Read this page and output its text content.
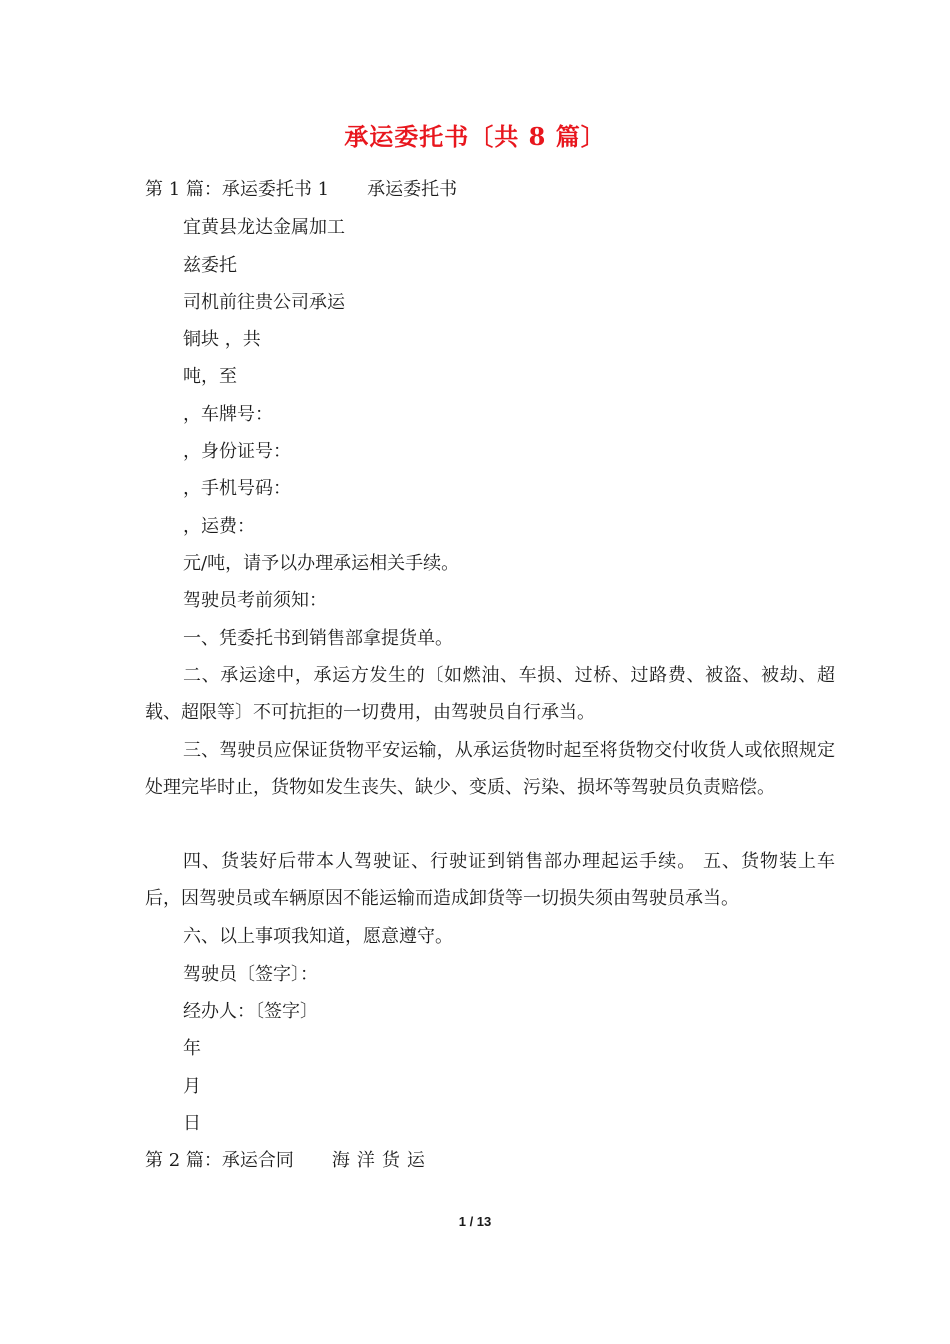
承运委托书〔共 8 篇〕
第 1 篇：承运委托书 1 承运委托书
宜黄县龙达金属加工
兹委托
司机前往贵公司承运
铜块 ，共
吨，至
，车牌号：
，身份证号：
，手机号码：
，运费：
元/吨，请予以办理承运相关手续。
驾驶员考前须知：
一、凭委托书到销售部拿提货单。
二、承运途中，承运方发生的〔如燃油、车损、过桥、过路费、被盗、被劫、超载、超限等〕不可抗拒的一切费用，由驾驶员自行承当。
三、驾驶员应保证货物平安运输，从承运货物时起至将货物交付收货人或依照规定处理完毕时止，货物如发生丧失、缺少、变质、污染、损坏等驾驶员负责赔偿。
四、货装好后带本人驾驶证、行驶证到销售部办理起运手续。 五、货物装上车后，因驾驶员或车辆原因不能运输而造成卸货等一切损失须由驾驶员承当。
六、以上事项我知道，愿意遵守。
驾驶员〔签字〕：
经办人：〔签字〕
年
月
日
第 2 篇：承运合同 海洋货运
1 / 13
